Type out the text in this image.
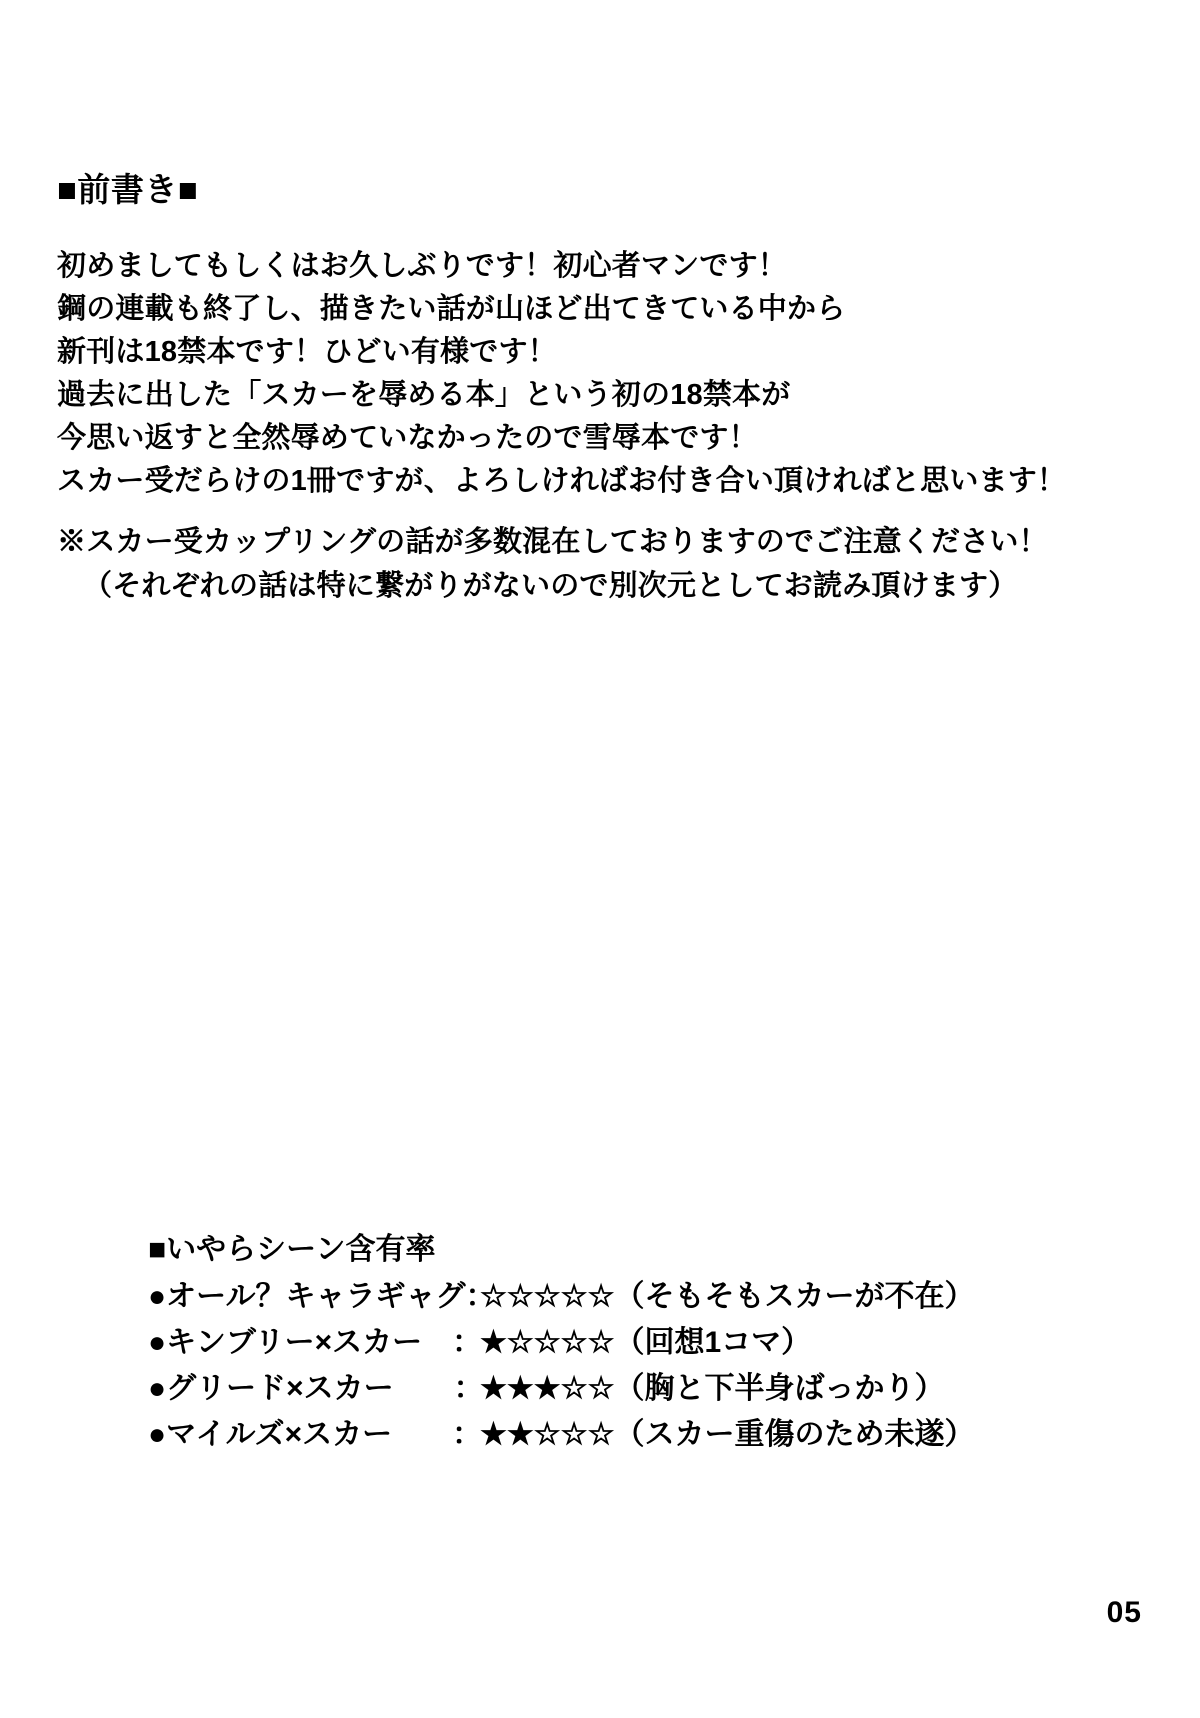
■前書き■
初めましてもしくはお久しぶりです！初心者マンです！
鋼の連載も終了し、描きたい話が山ほど出てきている中から
新刊は18禁本です！ひどい有様です！
過去に出した「スカーを辱める本」という初の18禁本が
今思い返すと全然辱めていなかったので雪辱本です！
スカー受だらけの1冊ですが、よろしければお付き合い頂ければと思います！
※スカー受カップリングの話が多数混在しておりますのでご注意ください！
（それぞれの話は特に繋がりがないので別次元としてお読み頂けます）
■いやらシーン含有率
●オール？キャラギャグ：
☆☆☆☆☆ （そもそもスカーが不在）
●キンブリー×スカー　：
★☆☆☆☆ （回想1コマ）
●グリード×スカー　　：
★★★☆☆ （胸と下半身ばっかり）
●マイルズ×スカー　　：
★★☆☆☆ （スカー重傷のため未遂）
05
